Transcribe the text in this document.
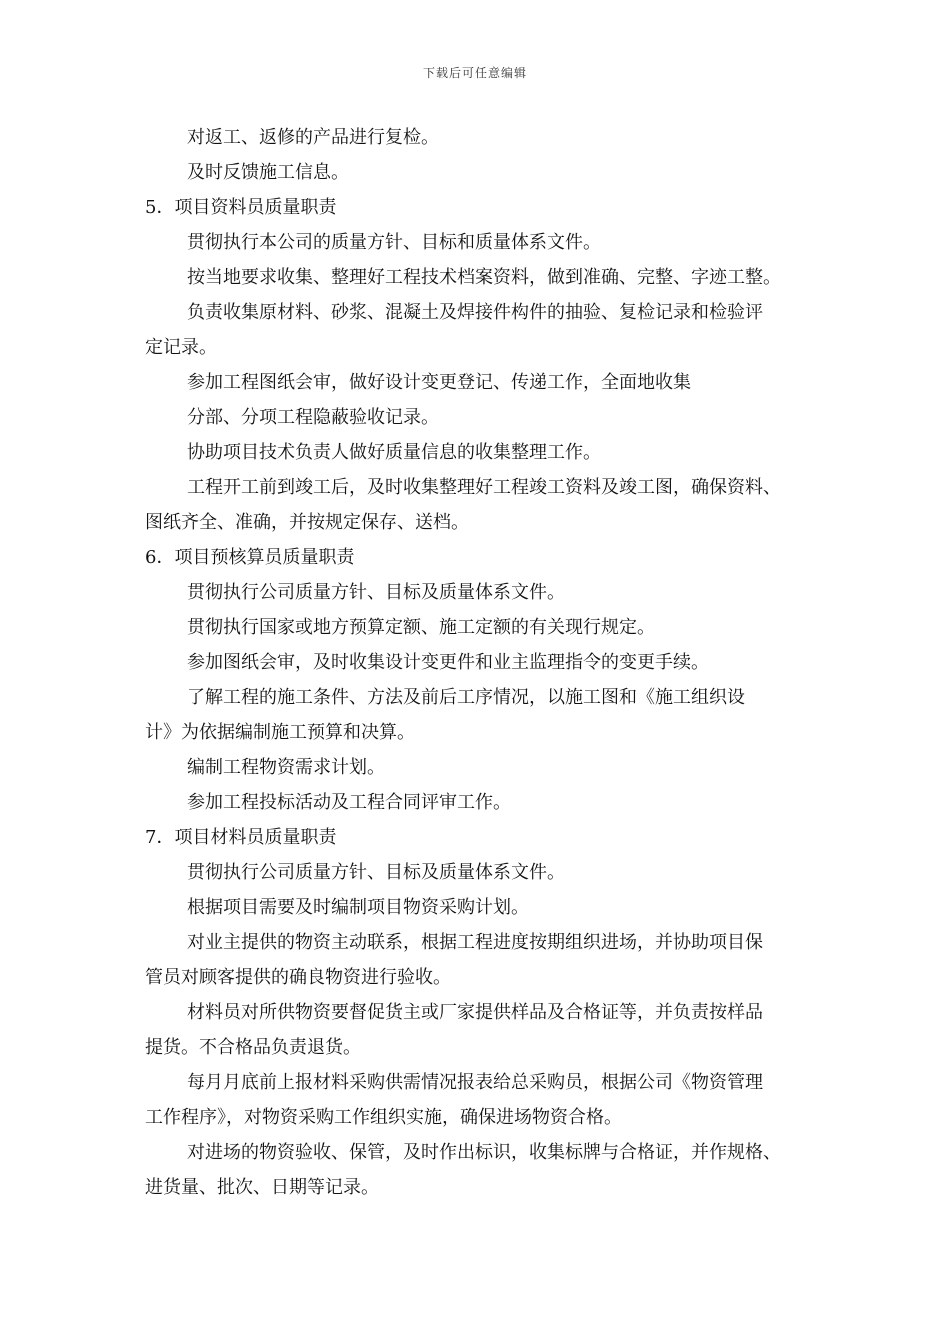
下载后可任意编辑
对返工、返修的产品进行复检。
及时反馈施工信息。
5．项目资料员质量职责
贯彻执行本公司的质量方针、目标和质量体系文件。
按当地要求收集、整理好工程技术档案资料，做到准确、完整、字迹工整。
负责收集原材料、砂浆、混凝土及焊接件构件的抽验、复检记录和检验评
定记录。
参加工程图纸会审，做好设计变更登记、传递工作，全面地收集
分部、分项工程隐蔽验收记录。
协助项目技术负责人做好质量信息的收集整理工作。
工程开工前到竣工后，及时收集整理好工程竣工资料及竣工图，确保资料、
图纸齐全、准确，并按规定保存、送档。
6．项目预核算员质量职责
贯彻执行公司质量方针、目标及质量体系文件。
贯彻执行国家或地方预算定额、施工定额的有关现行规定。
参加图纸会审，及时收集设计变更件和业主监理指令的变更手续。
了解工程的施工条件、方法及前后工序情况，以施工图和《施工组织设
计》为依据编制施工预算和决算。
编制工程物资需求计划。
参加工程投标活动及工程合同评审工作。
7．项目材料员质量职责
贯彻执行公司质量方针、目标及质量体系文件。
根据项目需要及时编制项目物资采购计划。
对业主提供的物资主动联系，根据工程进度按期组织进场，并协助项目保
管员对顾客提供的确良物资进行验收。
材料员对所供物资要督促货主或厂家提供样品及合格证等，并负责按样品
提货。不合格品负责退货。
每月月底前上报材料采购供需情况报表给总采购员，根据公司《物资管理
工作程序》，对物资采购工作组织实施，确保进场物资合格。
对进场的物资验收、保管，及时作出标识，收集标牌与合格证，并作规格、
进货量、批次、日期等记录。
